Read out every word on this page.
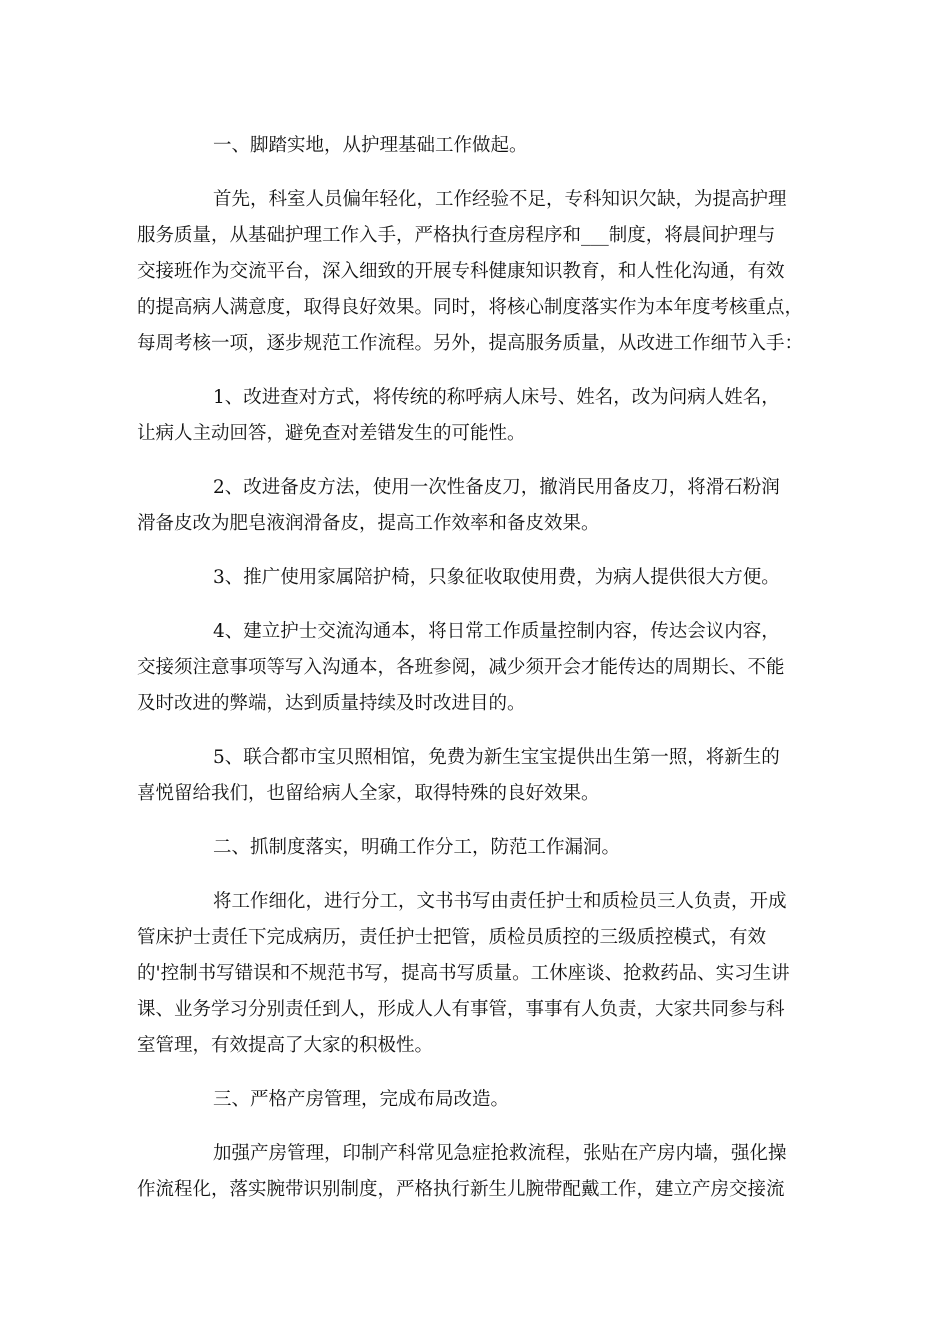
一、脚踏实地，从护理基础工作做起。
首先，科室人员偏年轻化，工作经验不足，专科知识欠缺，为提高护理
服务质量，从基础护理工作入手，严格执行查房程序和___制度，将晨间护理与
交接班作为交流平台，深入细致的开展专科健康知识教育，和人性化沟通，有效
的提高病人满意度，取得良好效果。同时，将核心制度落实作为本年度考核重点，
每周考核一项，逐步规范工作流程。另外，提高服务质量，从改进工作细节入手：
1、改进查对方式，将传统的称呼病人床号、姓名，改为问病人姓名，
让病人主动回答，避免查对差错发生的可能性。
2、改进备皮方法，使用一次性备皮刀，撤消民用备皮刀，将滑石粉润
滑备皮改为肥皂液润滑备皮，提高工作效率和备皮效果。
3、推广使用家属陪护椅，只象征收取使用费，为病人提供很大方便。
4、建立护士交流沟通本，将日常工作质量控制内容，传达会议内容，
交接须注意事项等写入沟通本，各班参阅，减少须开会才能传达的周期长、不能
及时改进的弊端，达到质量持续及时改进目的。
5、联合都市宝贝照相馆，免费为新生宝宝提供出生第一照，将新生的
喜悦留给我们，也留给病人全家，取得特殊的良好效果。
二、抓制度落实，明确工作分工，防范工作漏洞。
将工作细化，进行分工，文书书写由责任护士和质检员三人负责，开成
管床护士责任下完成病历，责任护士把管，质检员质控的三级质控模式，有效
的'控制书写错误和不规范书写，提高书写质量。工休座谈、抢救药品、实习生讲
课、业务学习分别责任到人，形成人人有事管，事事有人负责，大家共同参与科
室管理，有效提高了大家的积极性。
三、严格产房管理，完成布局改造。
加强产房管理，印制产科常见急症抢救流程，张贴在产房内墙，强化操
作流程化，落实腕带识别制度，严格执行新生儿腕带配戴工作，建立产房交接流
